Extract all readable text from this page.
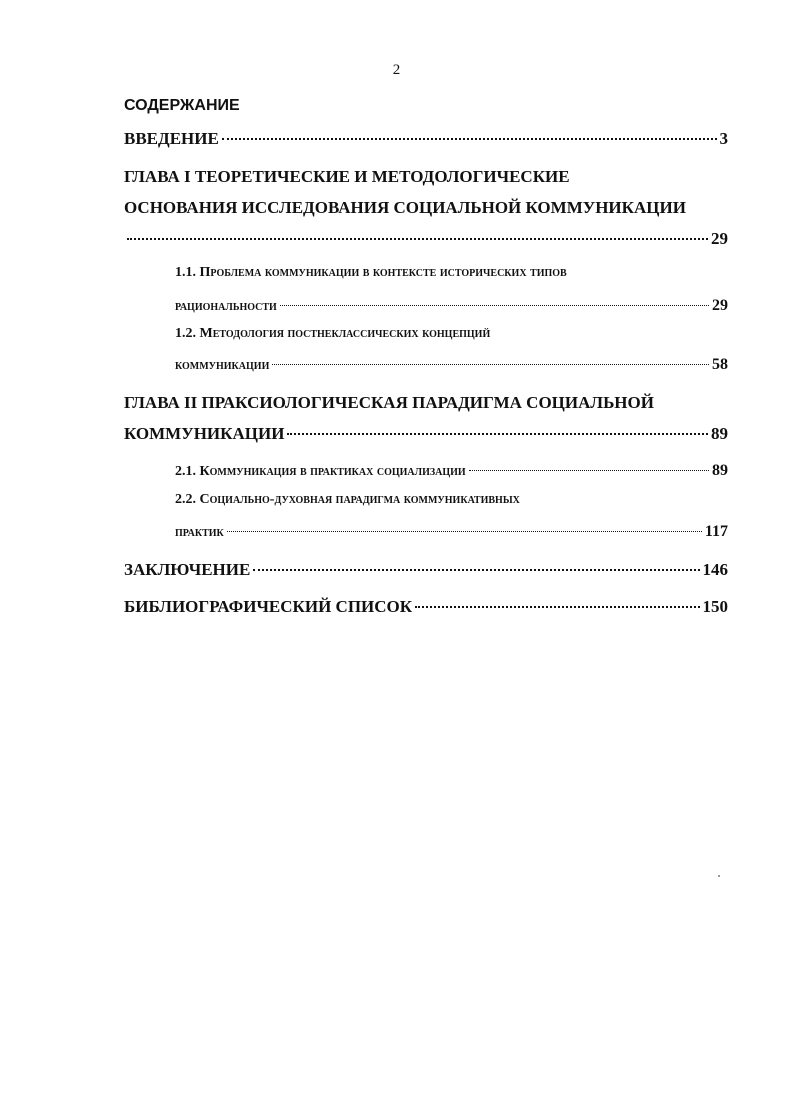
2
СОДЕРЖАНИЕ
ВВЕДЕНИЕ	3
ГЛАВА I ТЕОРЕТИЧЕСКИЕ И МЕТОДОЛОГИЧЕСКИЕ
ОСНОВАНИЯ ИССЛЕДОВАНИЯ СОЦИАЛЬНОЙ КОММУНИКАЦИИ
29
1.1. Проблема коммуникации в контексте исторических типов
рациональности	29
1.2. Методология постнеклассических концепций
коммуникации	58
ГЛАВА II ПРАКСИОЛОГИЧЕСКАЯ ПАРАДИГМА СОЦИАЛЬНОЙ
КОММУНИКАЦИИ	89
2.1. Коммуникация в практиках социализации	89
2.2. Социально-духовная парадигма коммуникативных
практик	117
ЗАКЛЮЧЕНИЕ	146
БИБЛИОГРАФИЧЕСКИЙ СПИСОК	150
